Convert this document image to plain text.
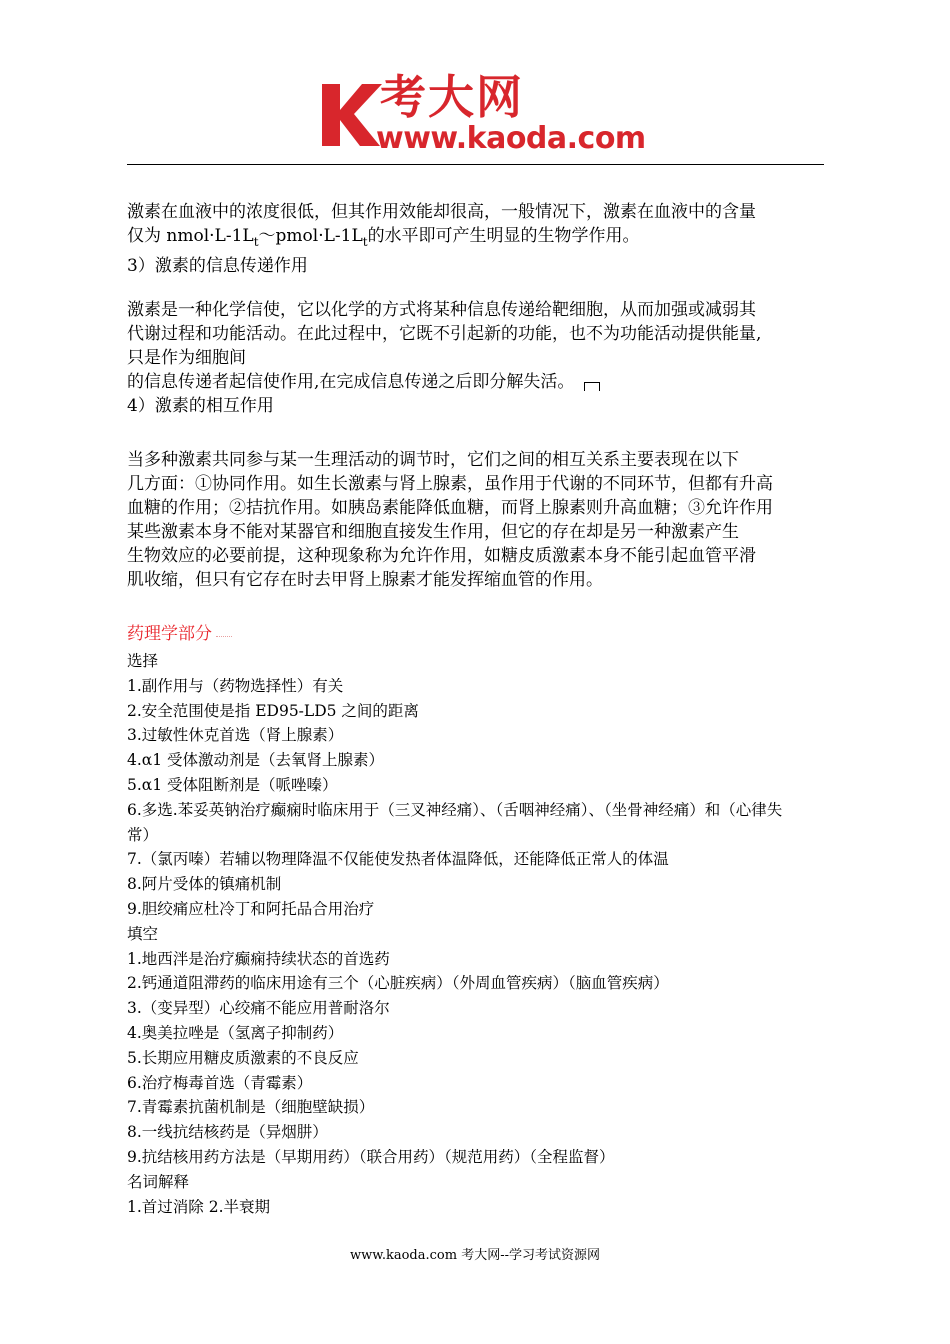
考大网
www.kaoda.com
激素在血液中的浓度很低，但其作用效能却很高，一般情况下，激素在血液中的含量
仅为 $nmol\cdot L-1L_t\sim pmol\cdot L-1L_t$的水平即可产生明显的生物学作用。
3）激素的信息传递作用
激素是一种化学信使，它以化学的方式将某种信息传递给靶细胞，从而加强或减弱其
代谢过程和功能活动。在此过程中，它既不引起新的功能，也不为功能活动提供能量,
只是作为细胞间
的信息传递者起信使作用,在完成信息传递之后即分解失活。
4）激素的相互作用
当多种激素共同参与某一生理活动的调节时，它们之间的相互关系主要表现在以下
几方面：①协同作用。如生长激素与肾上腺素，虽作用于代谢的不同环节，但都有升高
血糖的作用；②拮抗作用。如胰岛素能降低血糖，而肾上腺素则升高血糖；③允许作用
某些激素本身不能对某器官和细胞直接发生作用，但它的存在却是另一种激素产生
生物效应的必要前提，这种现象称为允许作用，如糖皮质激素本身不能引起血管平滑
肌收缩，但只有它存在时去甲肾上腺素才能发挥缩血管的作用。
药理学部分
选择
1.副作用与（药物选择性）有关
2.安全范围使是指 ED95-LD5 之间的距离
3.过敏性休克首选（肾上腺素）
4.α1 受体激动剂是（去氧肾上腺素）
5.α1 受体阻断剂是（哌唑嗪）
6.多选.苯妥英钠治疗癫痫时临床用于（三叉神经痛）、（舌咽神经痛）、（坐骨神经痛）和（心律失
常）
7.（氯丙嗪）若辅以物理降温不仅能使发热者体温降低，还能降低正常人的体温
8.阿片受体的镇痛机制
9.胆绞痛应杜冷丁和阿托品合用治疗
填空
1.地西泮是治疗癫痫持续状态的首选药
2.钙通道阻滞药的临床用途有三个（心脏疾病）（外周血管疾病）（脑血管疾病）
3.（变异型）心绞痛不能应用普耐洛尔
4.奥美拉唑是（氢离子抑制药）
5.长期应用糖皮质激素的不良反应
6.治疗梅毒首选（青霉素）
7.青霉素抗菌机制是（细胞壁缺损）
8.一线抗结核药是（异烟肼）
9.抗结核用药方法是（早期用药）（联合用药）（规范用药）（全程监督）
名词解释
1.首过消除 2.半衰期
www.kaoda.com 考大网--学习考试资源网
